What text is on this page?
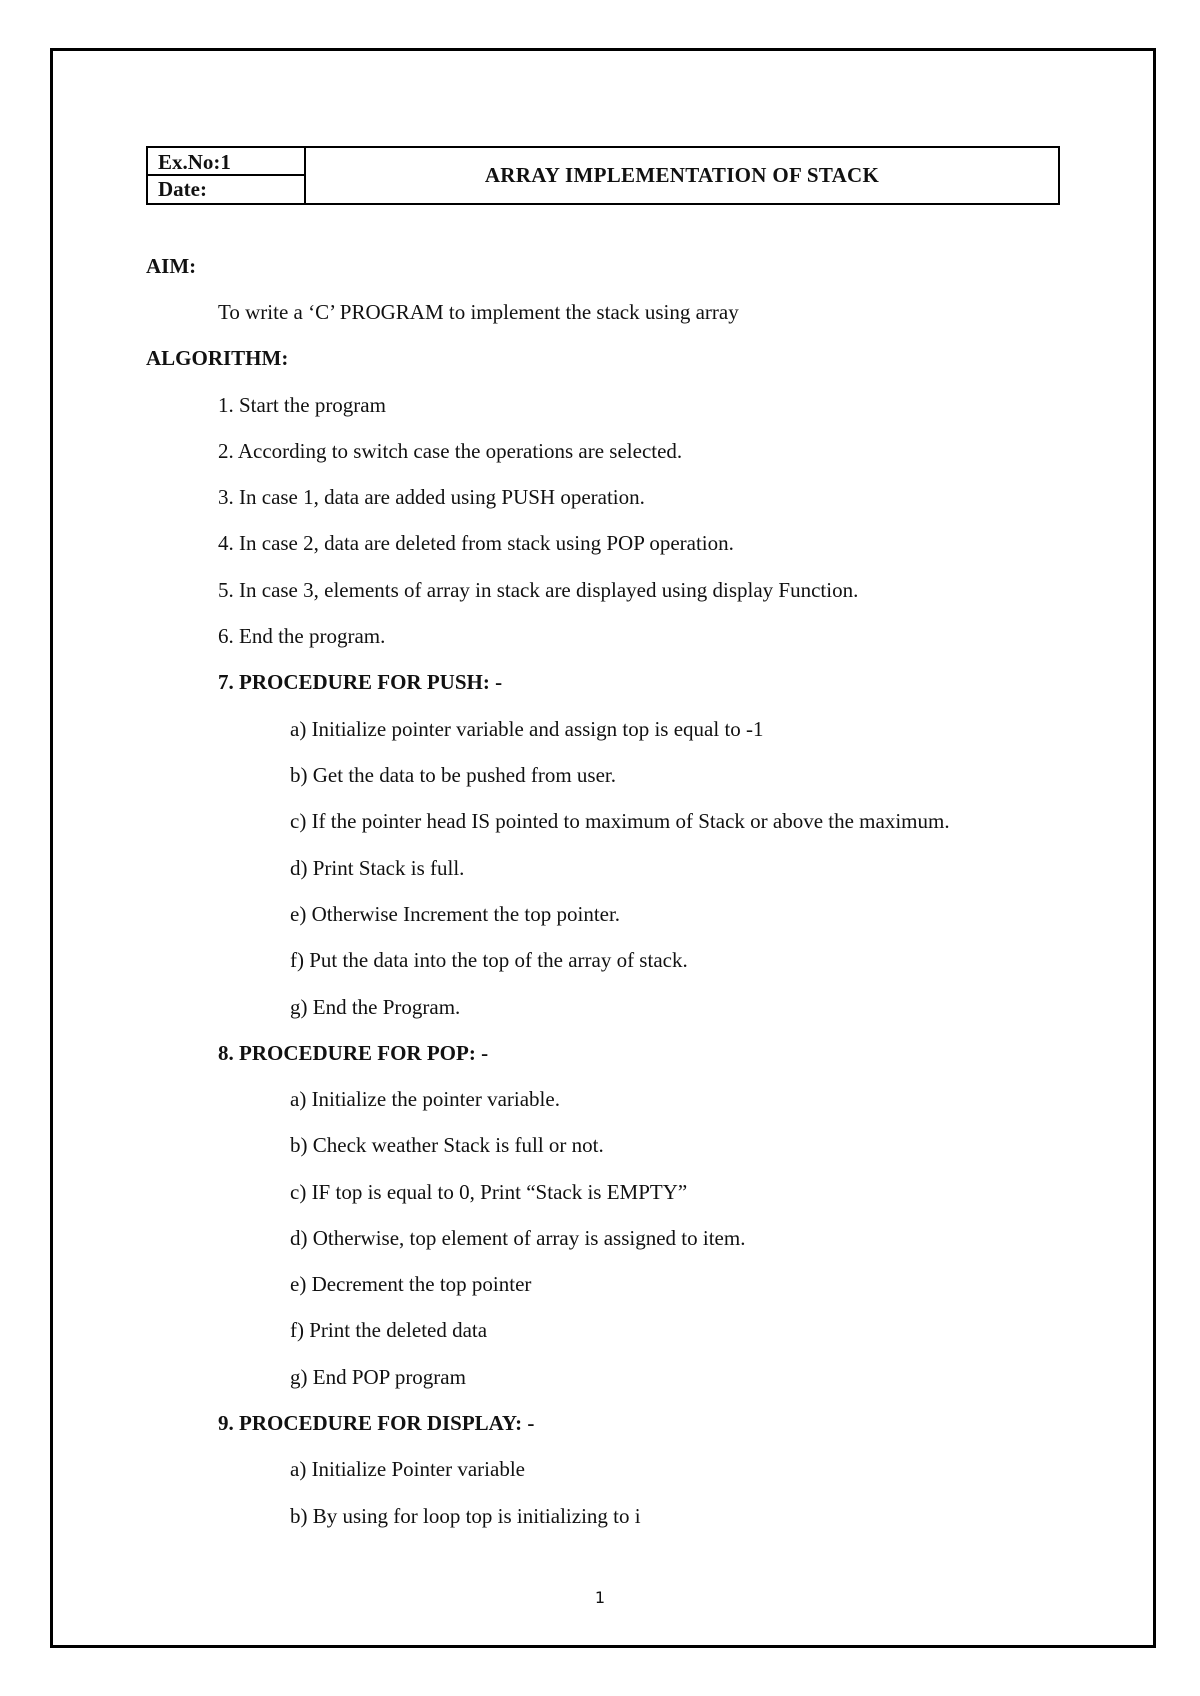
Ex.No:1
Date:
ARRAY IMPLEMENTATION OF STACK
AIM:
To write a ‘C’ PROGRAM to implement the stack using array
ALGORITHM:
1. Start the program
2. According to switch case the operations are selected.
3. In case 1, data are added using PUSH operation.
4. In case 2, data are deleted from stack using POP operation.
5. In case 3, elements of array in stack are displayed using display Function.
6. End the program.
7. PROCEDURE FOR PUSH: -
a) Initialize pointer variable and assign top is equal to -1
b) Get the data to be pushed from user.
c) If the pointer head IS pointed to maximum of Stack or above the maximum.
d) Print Stack is full.
e) Otherwise Increment the top pointer.
f) Put the data into the top of the array of stack.
g) End the Program.
8. PROCEDURE FOR POP: -
a) Initialize the pointer variable.
b) Check weather Stack is full or not.
c) IF top is equal to 0, Print “Stack is EMPTY”
d) Otherwise, top element of array is assigned to item.
e) Decrement the top pointer
f) Print the deleted data
g) End POP program
9. PROCEDURE FOR DISPLAY: -
a) Initialize Pointer variable
b) By using for loop top is initializing to i
1
